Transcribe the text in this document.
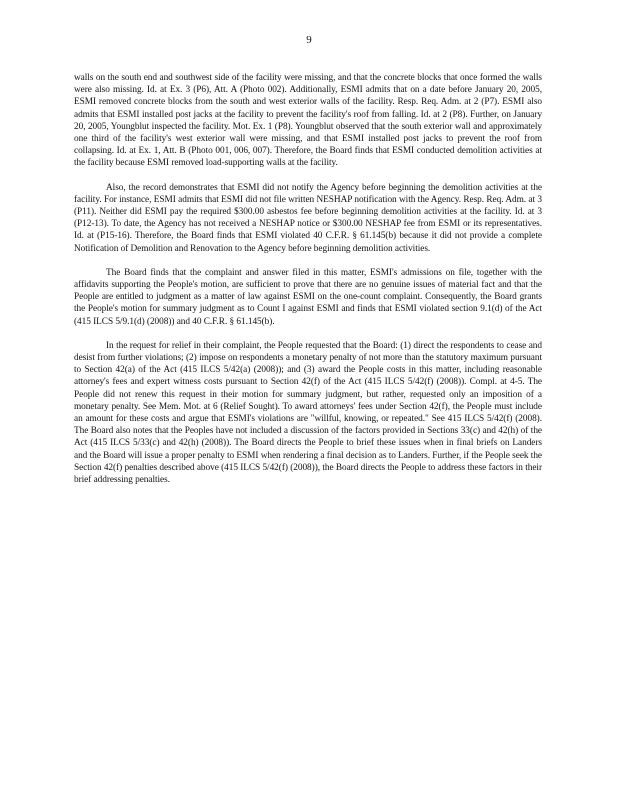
9

walls on the south end and southwest side of the facility were missing, and that the concrete blocks that once formed the walls were also missing. Id. at Ex. 3 (P6), Att. A (Photo 002). Additionally, ESMI admits that on a date before January 20, 2005, ESMI removed concrete blocks from the south and west exterior walls of the facility. Resp. Req. Adm. at 2 (P7). ESMI also admits that ESMI installed post jacks at the facility to prevent the facility's roof from falling. Id. at 2 (P8). Further, on January 20, 2005, Youngblut inspected the facility. Mot. Ex. 1 (P8). Youngblut observed that the south exterior wall and approximately one third of the facility's west exterior wall were missing, and that ESMI installed post jacks to prevent the roof from collapsing. Id. at Ex. 1, Att. B (Photo 001, 006, 007). Therefore, the Board finds that ESMI conducted demolition activities at the facility because ESMI removed load-supporting walls at the facility.

Also, the record demonstrates that ESMI did not notify the Agency before beginning the demolition activities at the facility. For instance, ESMI admits that ESMI did not file written NESHAP notification with the Agency. Resp. Req. Adm. at 3 (P11). Neither did ESMI pay the required $300.00 asbestos fee before beginning demolition activities at the facility. Id. at 3 (P12-13). To date, the Agency has not received a NESHAP notice or $300.00 NESHAP fee from ESMI or its representatives. Id. at (P15-16). Therefore, the Board finds that ESMI violated 40 C.F.R. § 61.145(b) because it did not provide a complete Notification of Demolition and Renovation to the Agency before beginning demolition activities.

The Board finds that the complaint and answer filed in this matter, ESMI's admissions on file, together with the affidavits supporting the People's motion, are sufficient to prove that there are no genuine issues of material fact and that the People are entitled to judgment as a matter of law against ESMI on the one-count complaint. Consequently, the Board grants the People's motion for summary judgment as to Count I against ESMI and finds that ESMI violated section 9.1(d) of the Act (415 ILCS 5/9.1(d) (2008)) and 40 C.F.R. § 61.145(b).

In the request for relief in their complaint, the People requested that the Board: (1) direct the respondents to cease and desist from further violations; (2) impose on respondents a monetary penalty of not more than the statutory maximum pursuant to Section 42(a) of the Act (415 ILCS 5/42(a) (2008)); and (3) award the People costs in this matter, including reasonable attorney's fees and expert witness costs pursuant to Section 42(f) of the Act (415 ILCS 5/42(f) (2008)). Compl. at 4-5. The People did not renew this request in their motion for summary judgment, but rather, requested only an imposition of a monetary penalty. See Mem. Mot. at 6 (Relief Sought). To award attorneys' fees under Section 42(f), the People must include an amount for these costs and argue that ESMI's violations are "willful, knowing, or repeated." See 415 ILCS 5/42(f) (2008). The Board also notes that the Peoples have not included a discussion of the factors provided in Sections 33(c) and 42(h) of the Act (415 ILCS 5/33(c) and 42(h) (2008)). The Board directs the People to brief these issues when in final briefs on Landers and the Board will issue a proper penalty to ESMI when rendering a final decision as to Landers. Further, if the People seek the Section 42(f) penalties described above (415 ILCS 5/42(f) (2008)), the Board directs the People to address these factors in their brief addressing penalties.
